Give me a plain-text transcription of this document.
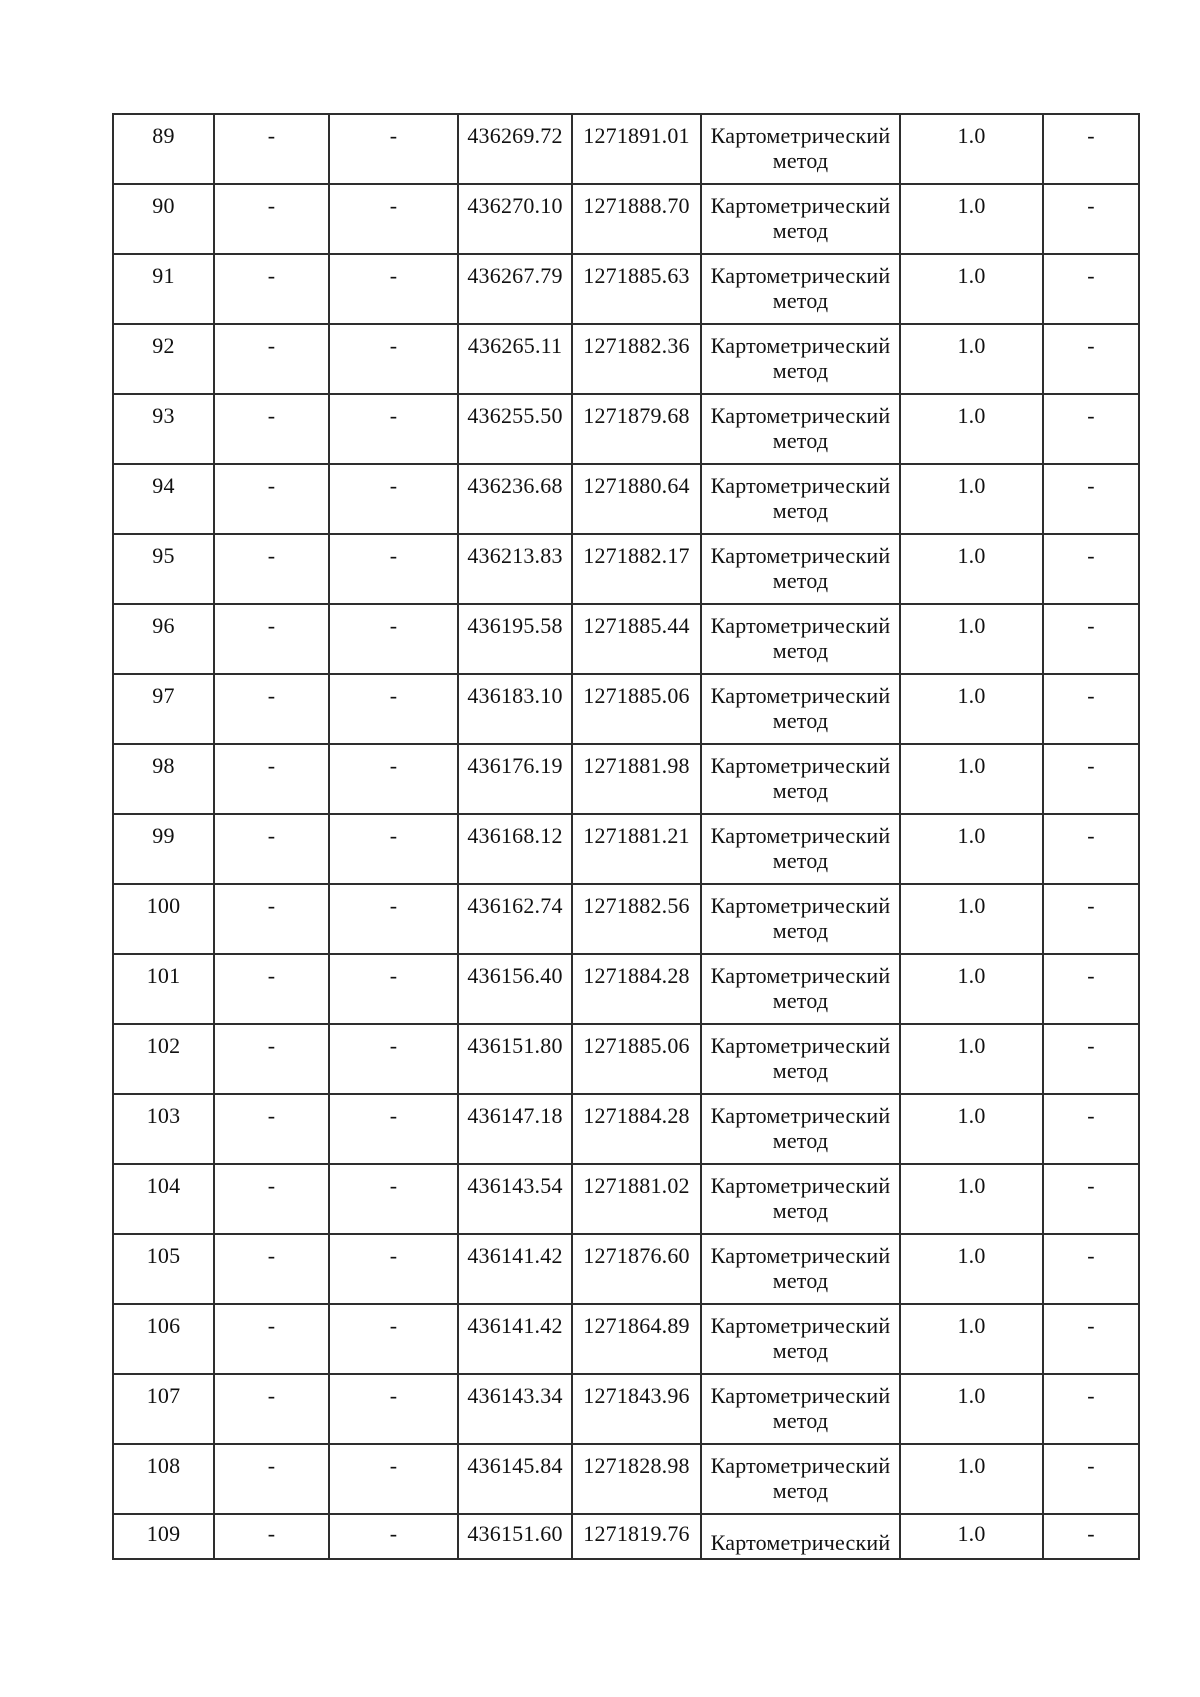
89	-	-	436269.72	1271891.01	Картометрический метод	1.0	-
90	-	-	436270.10	1271888.70	Картометрический метод	1.0	-
91	-	-	436267.79	1271885.63	Картометрический метод	1.0	-
92	-	-	436265.11	1271882.36	Картометрический метод	1.0	-
93	-	-	436255.50	1271879.68	Картометрический метод	1.0	-
94	-	-	436236.68	1271880.64	Картометрический метод	1.0	-
95	-	-	436213.83	1271882.17	Картометрический метод	1.0	-
96	-	-	436195.58	1271885.44	Картометрический метод	1.0	-
97	-	-	436183.10	1271885.06	Картометрический метод	1.0	-
98	-	-	436176.19	1271881.98	Картометрический метод	1.0	-
99	-	-	436168.12	1271881.21	Картометрический метод	1.0	-
100	-	-	436162.74	1271882.56	Картометрический метод	1.0	-
101	-	-	436156.40	1271884.28	Картометрический метод	1.0	-
102	-	-	436151.80	1271885.06	Картометрический метод	1.0	-
103	-	-	436147.18	1271884.28	Картометрический метод	1.0	-
104	-	-	436143.54	1271881.02	Картометрический метод	1.0	-
105	-	-	436141.42	1271876.60	Картометрический метод	1.0	-
106	-	-	436141.42	1271864.89	Картометрический метод	1.0	-
107	-	-	436143.34	1271843.96	Картометрический метод	1.0	-
108	-	-	436145.84	1271828.98	Картометрический метод	1.0	-
109	-	-	436151.60	1271819.76	Картометрический	1.0	-
